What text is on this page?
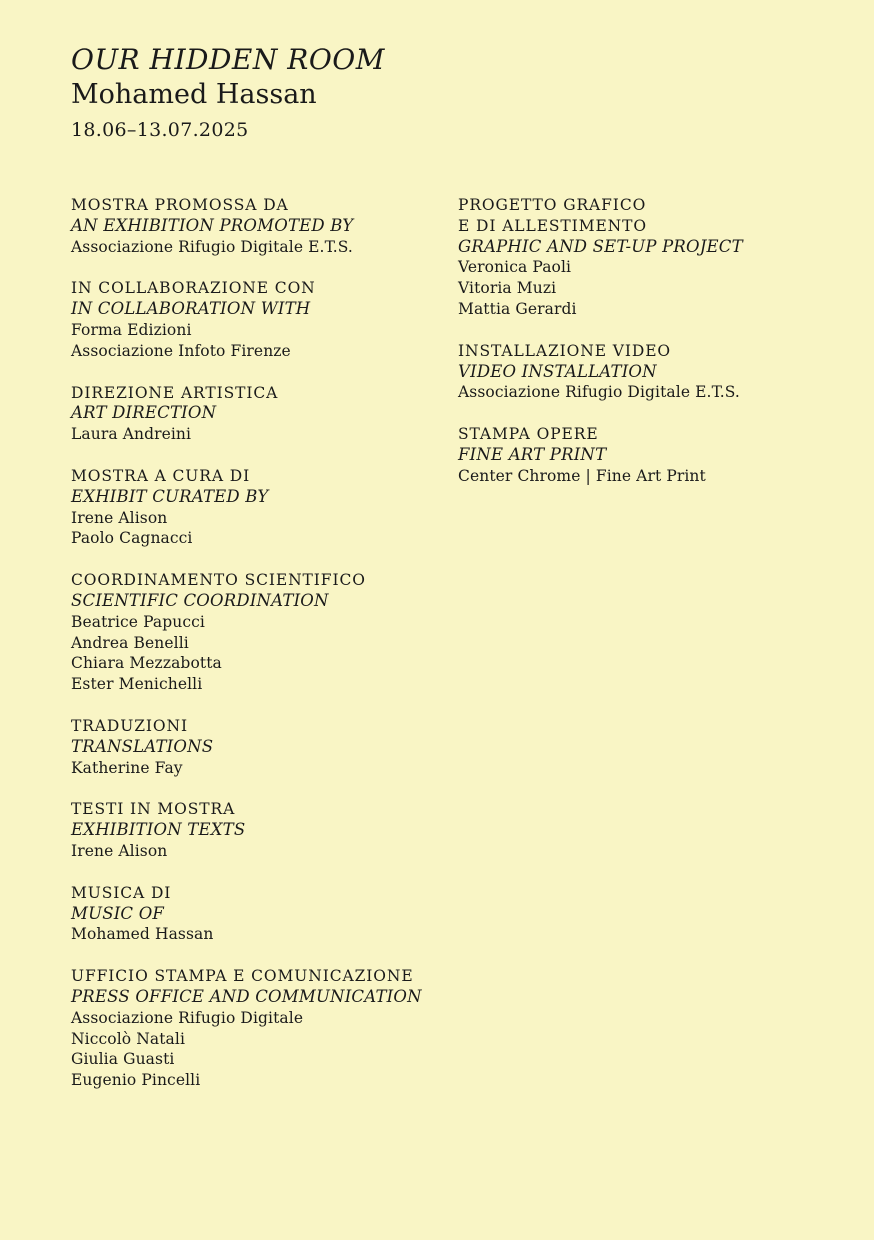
OUR HIDDEN ROOM
Mohamed Hassan
18.06–13.07.2025
MOSTRA PROMOSSA DA
AN EXHIBITION PROMOTED BY
Associazione Rifugio Digitale E.T.S.
IN COLLABORAZIONE CON
IN COLLABORATION WITH
Forma Edizioni
Associazione Infoto Firenze
DIREZIONE ARTISTICA
ART DIRECTION
Laura Andreini
MOSTRA A CURA DI
EXHIBIT CURATED BY
Irene Alison
Paolo Cagnacci
COORDINAMENTO SCIENTIFICO
SCIENTIFIC COORDINATION
Beatrice Papucci
Andrea Benelli
Chiara Mezzabotta
Ester Menichelli
TRADUZIONI
TRANSLATIONS
Katherine Fay
TESTI IN MOSTRA
EXHIBITION TEXTS
Irene Alison
MUSICA DI
MUSIC OF
Mohamed Hassan
UFFICIO STAMPA E COMUNICAZIONE
PRESS OFFICE AND COMMUNICATION
Associazione Rifugio Digitale
Niccolò Natali
Giulia Guasti
Eugenio Pincelli
PROGETTO GRAFICO
E DI ALLESTIMENTO
GRAPHIC AND SET-UP PROJECT
Veronica Paoli
Vitoria Muzi
Mattia Gerardi
INSTALLAZIONE VIDEO
VIDEO INSTALLATION
Associazione Rifugio Digitale E.T.S.
STAMPA OPERE
FINE ART PRINT
Center Chrome | Fine Art Print
